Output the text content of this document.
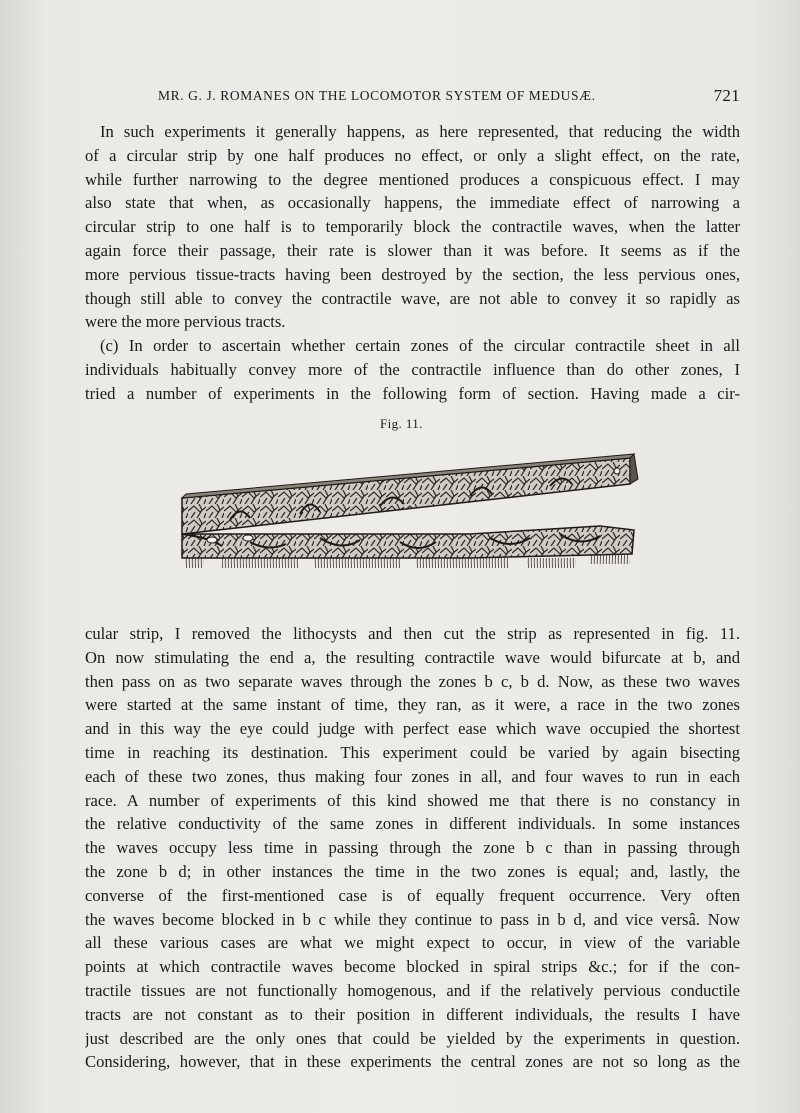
MR. G. J. ROMANES ON THE LOCOMOTOR SYSTEM OF MEDUSÆ.	721
In such experiments it generally happens, as here represented, that reducing the width
of a circular strip by one half produces no effect, or only a slight effect, on the rate,
while further narrowing to the degree mentioned produces a conspicuous effect. I may
also state that when, as occasionally happens, the immediate effect of narrowing a
circular strip to one half is to temporarily block the contractile waves, when the latter
again force their passage, their rate is slower than it was before. It seems as if the
more pervious tissue-tracts having been destroyed by the section, the less pervious ones,
though still able to convey the contractile wave, are not able to convey it so rapidly as
were the more pervious tracts.
(c) In order to ascertain whether certain zones of the circular contractile sheet in all
individuals habitually convey more of the contractile influence than do other zones, I
tried a number of experiments in the following form of section. Having made a cir-
Fig. 11.
cular strip, I removed the lithocysts and then cut the strip as represented in fig. 11.
On now stimulating the end a, the resulting contractile wave would bifurcate at b, and
then pass on as two separate waves through the zones b c, b d. Now, as these two waves
were started at the same instant of time, they ran, as it were, a race in the two zones
and in this way the eye could judge with perfect ease which wave occupied the shortest
time in reaching its destination. This experiment could be varied by again bisecting
each of these two zones, thus making four zones in all, and four waves to run in each
race. A number of experiments of this kind showed me that there is no constancy in
the relative conductivity of the same zones in different individuals. In some instances
the waves occupy less time in passing through the zone b c than in passing through
the zone b d; in other instances the time in the two zones is equal; and, lastly, the
converse of the first-mentioned case is of equally frequent occurrence. Very often
the waves become blocked in b c while they continue to pass in b d, and vice versâ. Now
all these various cases are what we might expect to occur, in view of the variable
points at which contractile waves become blocked in spiral strips &c.; for if the con-
tractile tissues are not functionally homogenous, and if the relatively pervious conductile
tracts are not constant as to their position in different individuals, the results I have
just described are the only ones that could be yielded by the experiments in question.
Considering, however, that in these experiments the central zones are not so long as the
